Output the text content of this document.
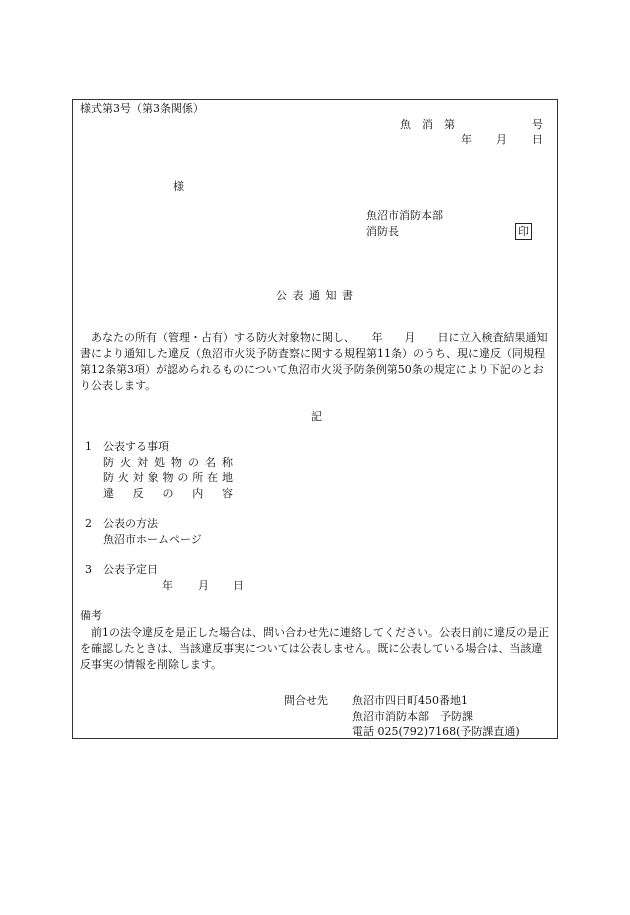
様式第3号（第3条関係）
魚　消　第	号
年 月 日
様
魚沼市消防本部
消防長	印
公 表 通 知 書
あなたの所有（管理・占有）する防火対象物に関し、　　年　　月　　日に立入検査結果通知書により通知した違反（魚沼市火災予防査察に関する規程第11条）のうち、現に違反（同規程第12条第3項）が認められるものについて魚沼市火災予防条例第50条の規定により下記のとおり公表します。
記
1 公表する事項
防火対処物の名称
防火対象物の所在地
違反の内容
2 公表の方法
魚沼市ホームページ
3 公表予定日
年 月 日
備考
前1の法令違反を是正した場合は、問い合わせ先に連絡してください。公表日前に違反の是正を確認したときは、当該違反事実については公表しません。既に公表している場合は、当該違反事実の情報を削除します。
問合せ先 魚沼市四日町450番地1
魚沼市消防本部　予防課
電話 025(792)7168(予防課直通)
